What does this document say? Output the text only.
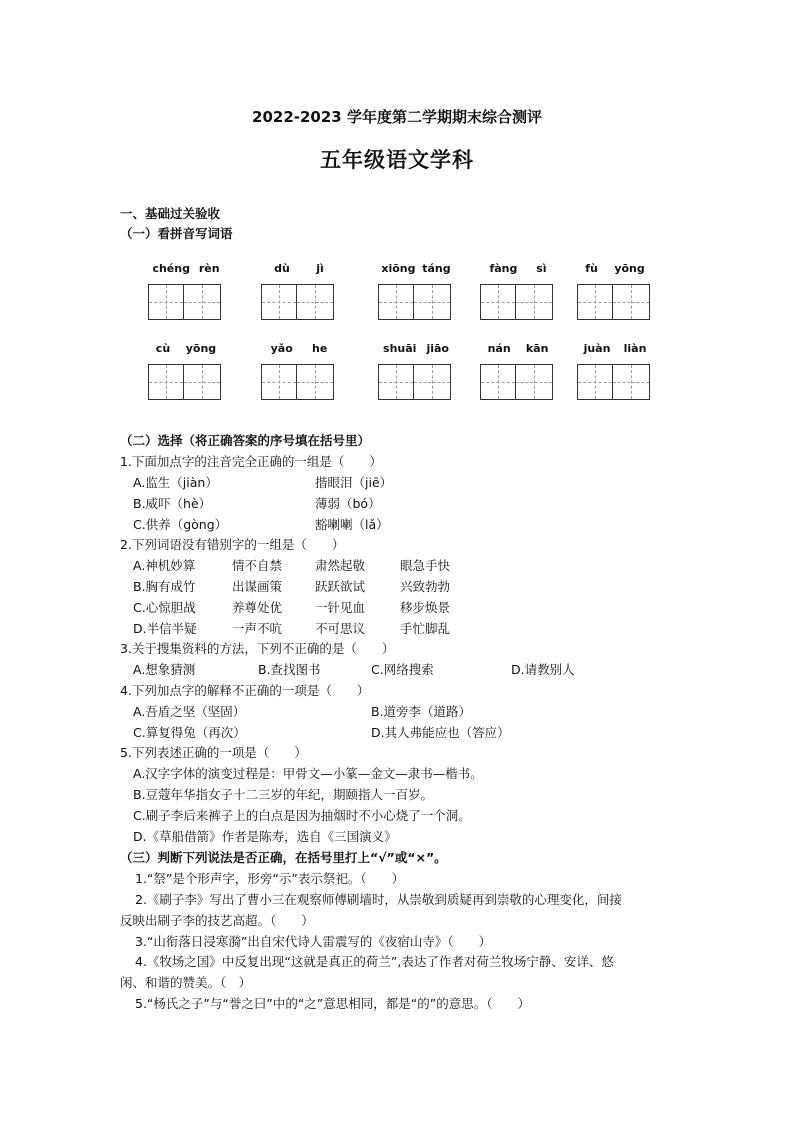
2022-2023 学年度第二学期期末综合测评
五年级语文学科
一、基础过关验收
（一）看拼音写词语
chéng rèn	dù jì	xiōng táng	fàng sì	fù yōng
cù yōng	yǎo he	shuāi jiāo	nán kān	juàn liàn
（二）选择（将正确答案的序号填在括号里）
1.下面加点字的注音完全正确的一组是（　　）
A.监生（jiàn）	揩眼泪（jiē）
B.威吓（hè）	薄弱（bó）
C.供养（gòng）	豁喇喇（lǎ）
2.下列词语没有错别字的一组是（　　）
A.神机妙算	情不自禁	肃然起敬	眼急手快
B.胸有成竹	出谋画策	跃跃欲试	兴致勃勃
C.心惊胆战	养尊处优	一针见血	移步焕景
D.半信半疑	一声不吭	不可思议	手忙脚乱
3.关于搜集资料的方法，下列不正确的是（　　）
A.想象猜测	B.查找图书	C.网络搜索	D.请教别人
4.下列加点字的解释不正确的一项是（　　）
A.吾盾之坚（坚固）	B.道旁李（道路）
C.算复得兔（再次）	D.其人弗能应也（答应）
5.下列表述正确的一项是（　　）
A.汉字字体的演变过程是：甲骨文—小篆—金文—隶书—楷书。
B.豆蔻年华指女子十二三岁的年纪，期颐指人一百岁。
C.刷子李后来裤子上的白点是因为抽烟时不小心烧了一个洞。
D.《草船借箭》作者是陈寿，选自《三国演义》
（三）判断下列说法是否正确，在括号里打上“√”或“×”。
1.“祭”是个形声字，形旁“示”表示祭祀。（　　）
2.《刷子李》写出了曹小三在观察师傅刷墙时，从崇敬到质疑再到崇敬的心理变化，间接
反映出刷子李的技艺高超。（　　）
3.“山衔落日浸寒漪”出自宋代诗人雷震写的《夜宿山寺》（　　）
4.《牧场之国》中反复出现“这就是真正的荷兰”,表达了作者对荷兰牧场宁静、安详、悠
闲、和谐的赞美。（　）
5.“杨氏之子”与“誉之曰”中的“之”意思相同，都是“的”的意思。（　　）
